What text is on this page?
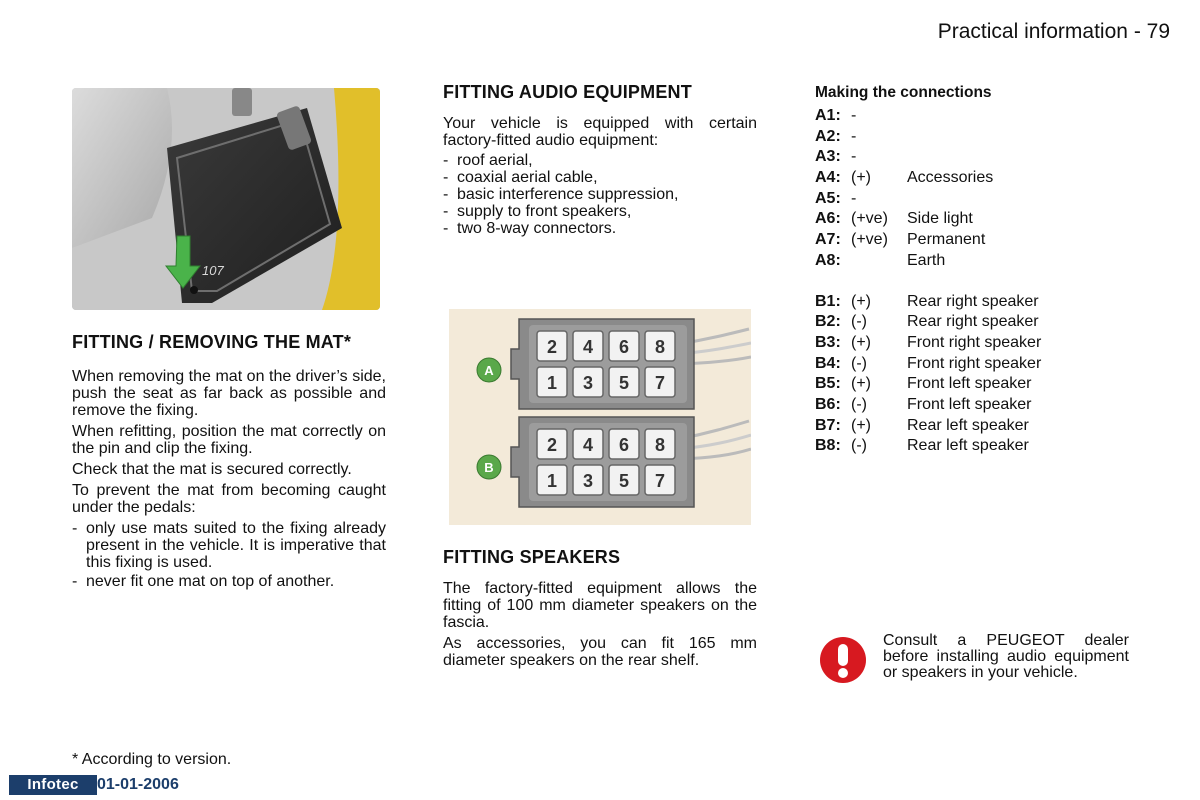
Practical information - 79
107
FITTING / REMOVING THE MAT*

When removing the mat on the driver’s side, push the seat as far back as possible and remove the fixing.

When refitting, position the mat correctly on the pin and clip the fixing.

Check that the mat is secured correctly.

To prevent the mat from becoming caught under the pedals:

- only use mats suited to the fixing already present in the vehicle. It is imperative that this fixing is used.
- never fit one mat on top of another.
FITTING AUDIO EQUIPMENT

Your vehicle is equipped with certain factory-fitted audio equipment:

- roof aerial,
- coaxial aerial cable,
- basic interference suppression,
- supply to front speakers,
- two 8-way connectors.
2 4 6 8
1 3 5 7
A
2 4 6 8
1 3 5 7
B
FITTING SPEAKERS

The factory-fitted equipment allows the fitting of 100 mm diameter speakers on the fascia.

As accessories, you can fit 165 mm diameter speakers on the rear shelf.

Making the connections
A1:	-	
A2:	-	
A3:	-	
A4:	(+)	Accessories
A5:	-	
A6:	(+ve)	Side light
A7:	(+ve)	Permanent
A8:		Earth
B1:	(+)	Rear right speaker
B2:	(-)	Rear right speaker
B3:	(+)	Front right speaker
B4:	(-)	Front right speaker
B5:	(+)	Front left speaker
B6:	(-)	Front left speaker
B7:	(+)	Rear left speaker
B8:	(-)	Rear left speaker
Consult a PEUGEOT dealer before installing audio equipment or speakers in your vehicle.
* According to version.
Infotec	01-01-2006
